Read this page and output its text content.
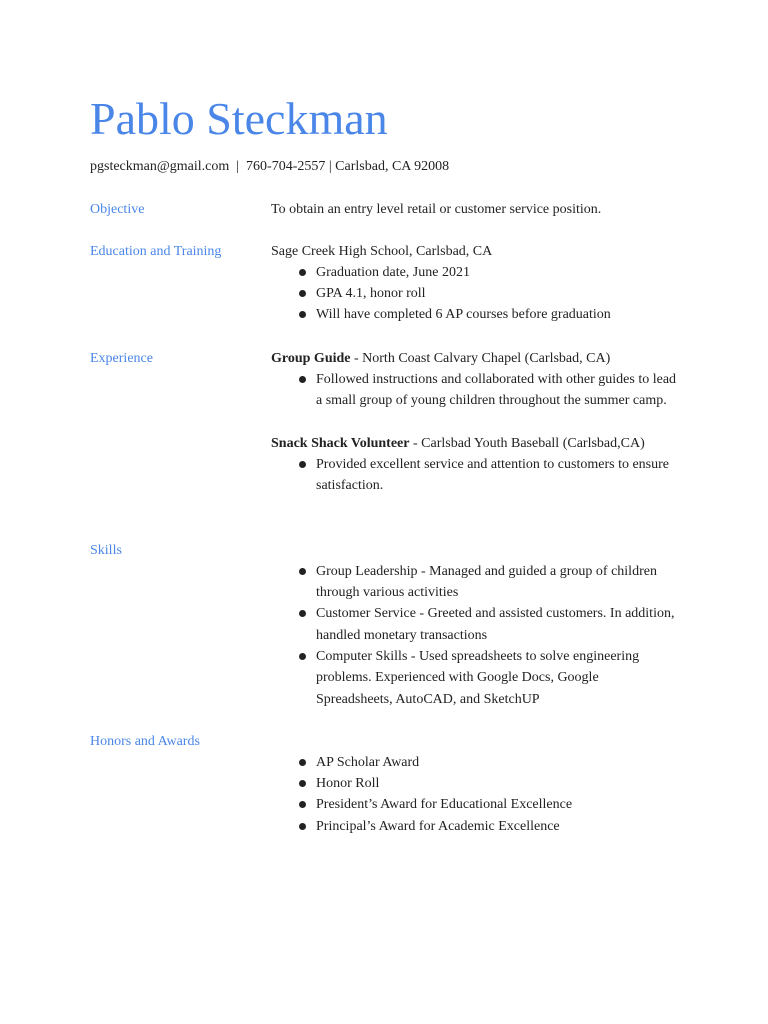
Pablo Steckman
pgsteckman@gmail.com  |  760-704-2557 | Carlsbad, CA 92008
Objective	To obtain an entry level retail or customer service position.
Education and Training	Sage Creek High School, Carlsbad, CA
Graduation date, June 2021
GPA 4.1, honor roll
Will have completed 6 AP courses before graduation
Experience	Group Guide - North Coast Calvary Chapel (Carlsbad, CA)
Followed instructions and collaborated with other guides to lead a small group of young children throughout the summer camp.
Snack Shack Volunteer - Carlsbad Youth Baseball (Carlsbad,CA)
Provided excellent service and attention to customers to ensure satisfaction.
Skills
Group Leadership - Managed and guided a group of children through various activities
Customer Service - Greeted and assisted customers. In addition, handled monetary transactions
Computer Skills - Used spreadsheets to solve engineering problems. Experienced with Google Docs, Google Spreadsheets, AutoCAD, and SketchUP
Honors and Awards
AP Scholar Award
Honor Roll
President’s Award for Educational Excellence
Principal’s Award for Academic Excellence
